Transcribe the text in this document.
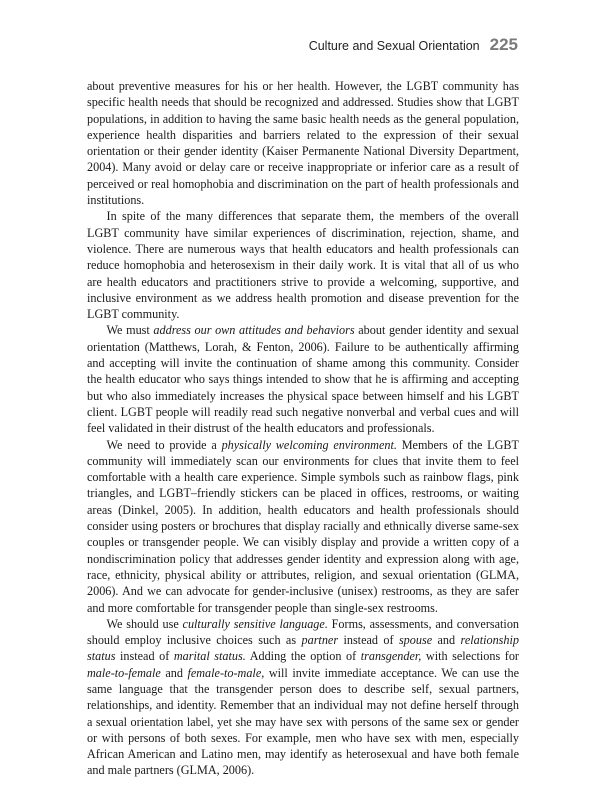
Culture and Sexual Orientation 225

about preventive measures for his or her health. However, the LGBT community has specific health needs that should be recognized and addressed. Studies show that LGBT populations, in addition to having the same basic health needs as the general population, experience health disparities and barriers related to the expression of their sexual orientation or their gender identity (Kaiser Permanente National Diversity Department, 2004). Many avoid or delay care or receive inappropriate or inferior care as a result of perceived or real homophobia and discrimination on the part of health professionals and institutions.

In spite of the many differences that separate them, the members of the overall LGBT community have similar experiences of discrimination, rejection, shame, and violence. There are numerous ways that health educators and health professionals can reduce homophobia and heterosexism in their daily work. It is vital that all of us who are health educators and practitioners strive to provide a welcoming, supportive, and inclusive environment as we address health promotion and disease prevention for the LGBT community.

We must address our own attitudes and behaviors about gender identity and sexual orientation (Matthews, Lorah, & Fenton, 2006). Failure to be authentically affirming and accepting will invite the continuation of shame among this community. Consider the health educator who says things intended to show that he is affirming and accepting but who also immediately increases the physical space between himself and his LGBT client. LGBT people will readily read such negative nonverbal and verbal cues and will feel validated in their distrust of the health educators and professionals.

We need to provide a physically welcoming environment. Members of the LGBT community will immediately scan our environments for clues that invite them to feel comfortable with a health care experience. Simple symbols such as rainbow flags, pink triangles, and LGBT–friendly stickers can be placed in offices, restrooms, or waiting areas (Dinkel, 2005). In addition, health educators and health professionals should consider using posters or brochures that display racially and ethnically diverse same-sex couples or transgender people. We can visibly display and provide a written copy of a nondiscrimination policy that addresses gender identity and expression along with age, race, ethnicity, physical ability or attributes, religion, and sexual orientation (GLMA, 2006). And we can advocate for gender-inclusive (unisex) restrooms, as they are safer and more comfortable for transgender people than single-sex restrooms.

We should use culturally sensitive language. Forms, assessments, and conversation should employ inclusive choices such as partner instead of spouse and relationship status instead of marital status. Adding the option of transgender, with selections for male-to-female and female-to-male, will invite immediate acceptance. We can use the same language that the transgender person does to describe self, sexual partners, relationships, and identity. Remember that an individual may not define herself through a sexual orientation label, yet she may have sex with persons of the same sex or gender or with persons of both sexes. For example, men who have sex with men, especially African American and Latino men, may identify as heterosexual and have both female and male partners (GLMA, 2006).
